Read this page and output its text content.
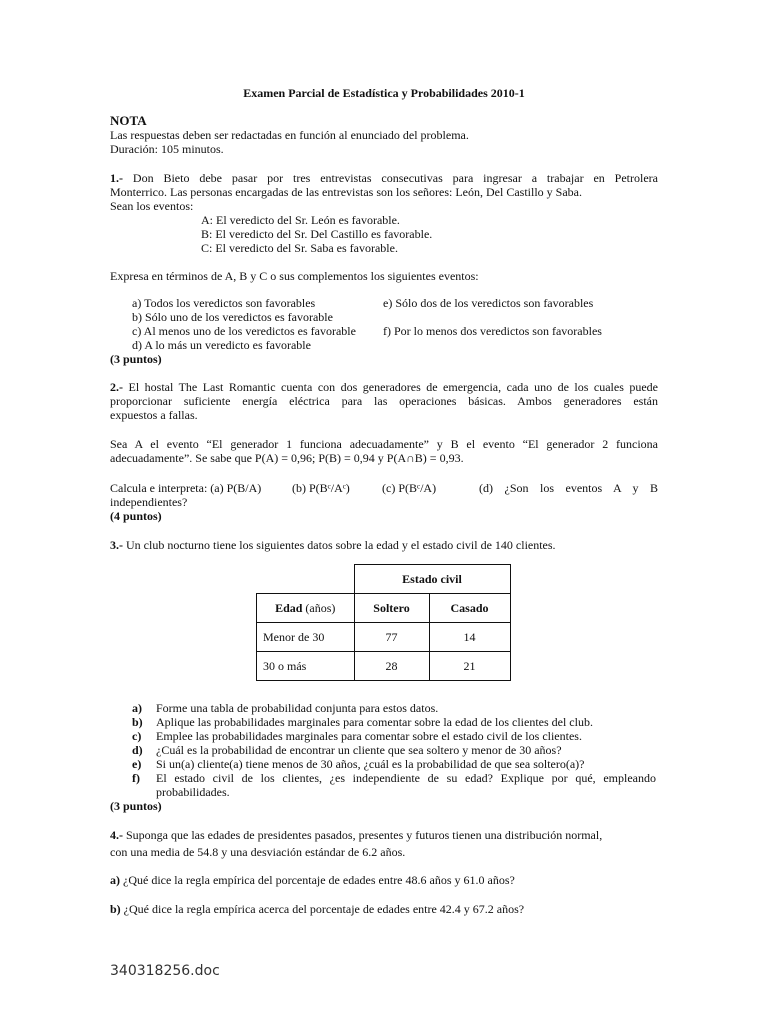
Examen Parcial de Estadística y Probabilidades 2010-1
NOTA
Las respuestas deben ser redactadas en función al enunciado del problema.
Duración: 105 minutos.
1.- Don Bieto debe pasar por tres entrevistas consecutivas para ingresar a trabajar en Petrolera
Monterrico. Las personas encargadas de las entrevistas son los señores: León, Del Castillo y Saba.
Sean los eventos:
A: El veredicto del Sr. León es favorable.
B: El veredicto del Sr. Del Castillo es favorable.
C: El veredicto del Sr. Saba es favorable.
Expresa en términos de A, B y C o sus complementos los siguientes eventos:
a) Todos los veredictos son favorables
b) Sólo uno de los veredictos es favorable
c) Al menos uno de los veredictos es favorable
d) A lo más un veredicto es favorable
e) Sólo dos de los veredictos son favorables
f) Por lo menos dos veredictos son favorables
(3 puntos)
2.- El hostal The Last Romantic cuenta con dos generadores de emergencia, cada uno de los cuales puede
proporcionar suficiente energía eléctrica para las operaciones básicas. Ambos generadores están
expuestos a fallas.
Sea A el evento “El generador 1 funciona adecuadamente” y B el evento “El generador 2 funciona
adecuadamente”. Se sabe que P(A) = 0,96; P(B) = 0,94 y P(A∩B) = 0,93.
Calcula e interpreta: (a) P(B/A)	(b) P(Bᶜ/Aᶜ)	(c) P(Bᶜ/A)	(d) ¿Son los eventos A y B
independientes?
(4 puntos)
3.- Un club nocturno tiene los siguientes datos sobre la edad y el estado civil de 140 clientes.
	Estado civil	
Edad (años)	Soltero	Casado
Menor de 30	77	14
30 o más	28	21
a) Forme una tabla de probabilidad conjunta para estos datos.
b) Aplique las probabilidades marginales para comentar sobre la edad de los clientes del club.
c) Emplee las probabilidades marginales para comentar sobre el estado civil de los clientes.
d) ¿Cuál es la probabilidad de encontrar un cliente que sea soltero y menor de 30 años?
e) Si un(a) cliente(a) tiene menos de 30 años, ¿cuál es la probabilidad de que sea soltero(a)?
f) El estado civil de los clientes, ¿es independiente de su edad? Explique por qué, empleando
probabilidades.
(3 puntos)
4.- Suponga que las edades de presidentes pasados, presentes y futuros tienen una distribución normal,
con una media de 54.8 y una desviación estándar de 6.2 años.
a) ¿Qué dice la regla empírica del porcentaje de edades entre 48.6 años y 61.0 años?
b) ¿Qué dice la regla empírica acerca del porcentaje de edades entre 42.4 y 67.2 años?
340318256.doc
